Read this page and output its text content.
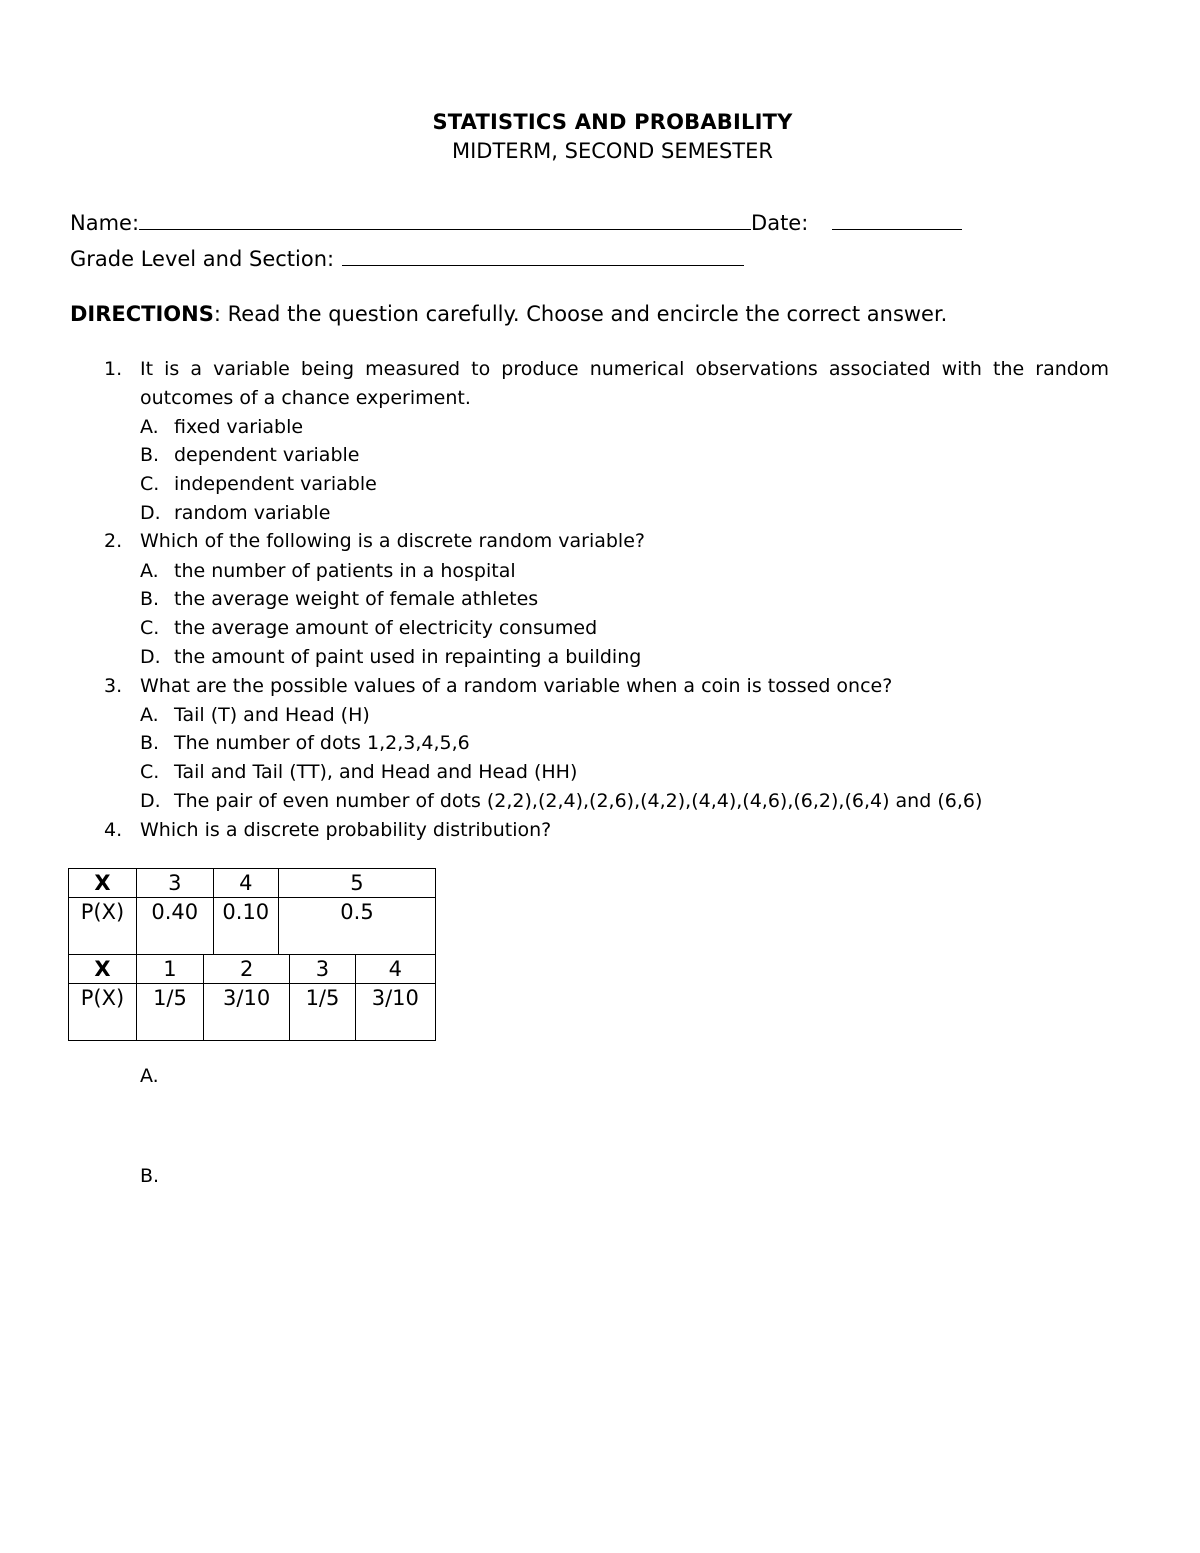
STATISTICS AND PROBABILITY
MIDTERM, SECOND SEMESTER
Name:	Date:
Grade Level and Section:
DIRECTIONS: Read the question carefully. Choose and encircle the correct answer.
1. It is a variable being measured to produce numerical observations associated with the random outcomes of a chance experiment.
A. fixed variable
B. dependent variable
C. independent variable
D. random variable
2. Which of the following is a discrete random variable?
A. the number of patients in a hospital
B. the average weight of female athletes
C. the average amount of electricity consumed
D. the amount of paint used in repainting a building
3. What are the possible values of a random variable when a coin is tossed once?
A. Tail (T) and Head (H)
B. The number of dots 1,2,3,4,5,6
C. Tail and Tail (TT), and Head and Head (HH)
D. The pair of even number of dots (2,2),(2,4),(2,6),(4,2),(4,4),(4,6),(6,2),(6,4) and (6,6)
4. Which is a discrete probability distribution?
X	3		4	5		
P(X)	0.40		0.10	0.5		
X	1	2			3	4

P(X)	1/5	3/10			1/5	3/10
A.
B.
